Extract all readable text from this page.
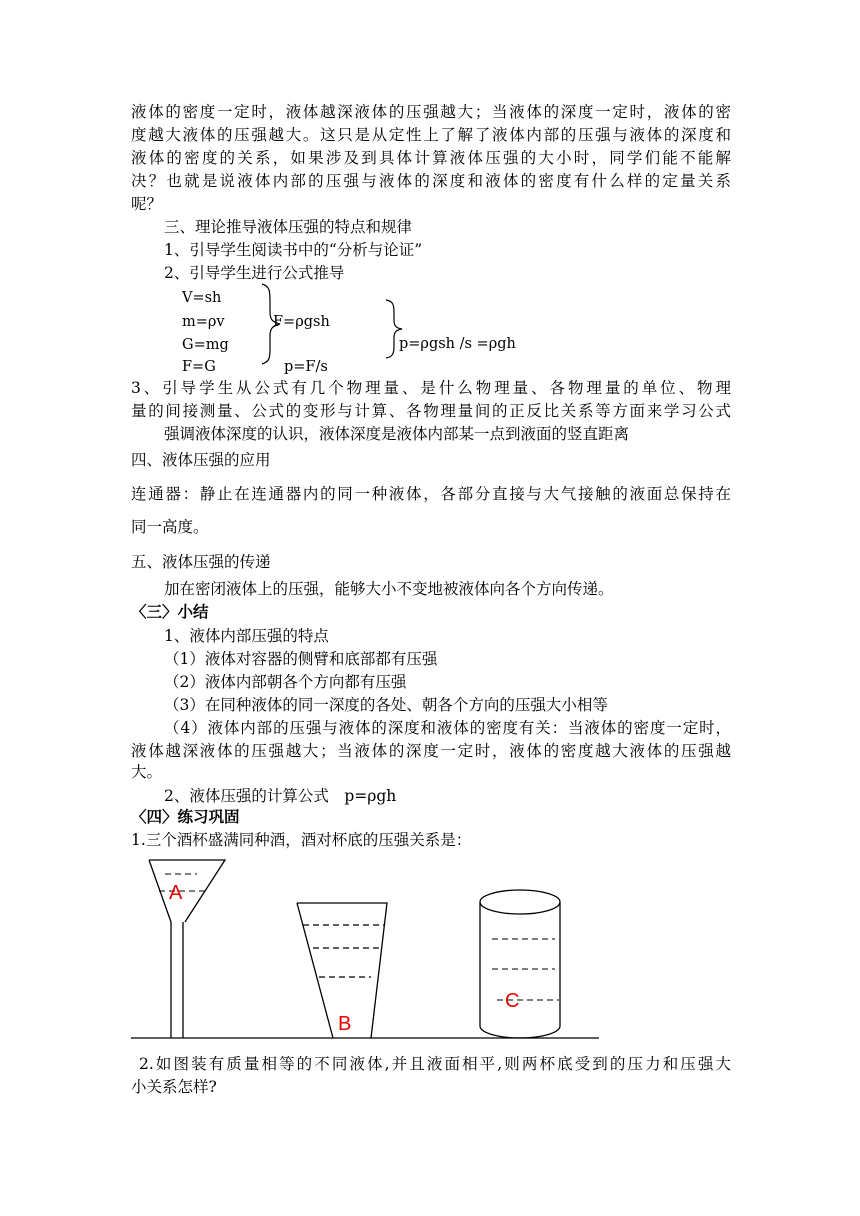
液体的密度一定时，液体越深液体的压强越大；当液体的深度一定时，液体的密
度越大液体的压强越大。这只是从定性上了解了液体内部的压强与液体的深度和
液体的密度的关系，如果涉及到具体计算液体压强的大小时，同学们能不能解
决？也就是说液体内部的压强与液体的深度和液体的密度有什么样的定量关系
呢？
三、理论推导液体压强的特点和规律
1、引导学生阅读书中的“分析与论证”
2、引导学生进行公式推导
V=sh
m=ρv
G=mg
F=G
F=ρgsh
p=F/s
p=ρgsh /s =ρgh
3、引导学生从公式有几个物理量、是什么物理量、各物理量的单位、物理
量的间接测量、公式的变形与计算、各物理量间的正反比关系等方面来学习公式
强调液体深度的认识，液体深度是液体内部某一点到液面的竖直距离
四、液体压强的应用
连通器：静止在连通器内的同一种液体，各部分直接与大气接触的液面总保持在
同一高度。
五、液体压强的传递
加在密闭液体上的压强，能够大小不变地被液体向各个方向传递。
〈三〉小结
1、液体内部压强的特点
（1）液体对容器的侧臂和底部都有压强
（2）液体内部朝各个方向都有压强
（3）在同种液体的同一深度的各处、朝各个方向的压强大小相等
（4）液体内部的压强与液体的深度和液体的密度有关：当液体的密度一定时，
液体越深液体的压强越大；当液体的深度一定时，液体的密度越大液体的压强越
大。
2、液体压强的计算公式　p=ρgh
〈四〉练习巩固
1.三个酒杯盛满同种酒，酒对杯底的压强关系是：
A
B
C
2.如图装有质量相等的不同液体,并且液面相平,则两杯底受到的压力和压强大
小关系怎样?
